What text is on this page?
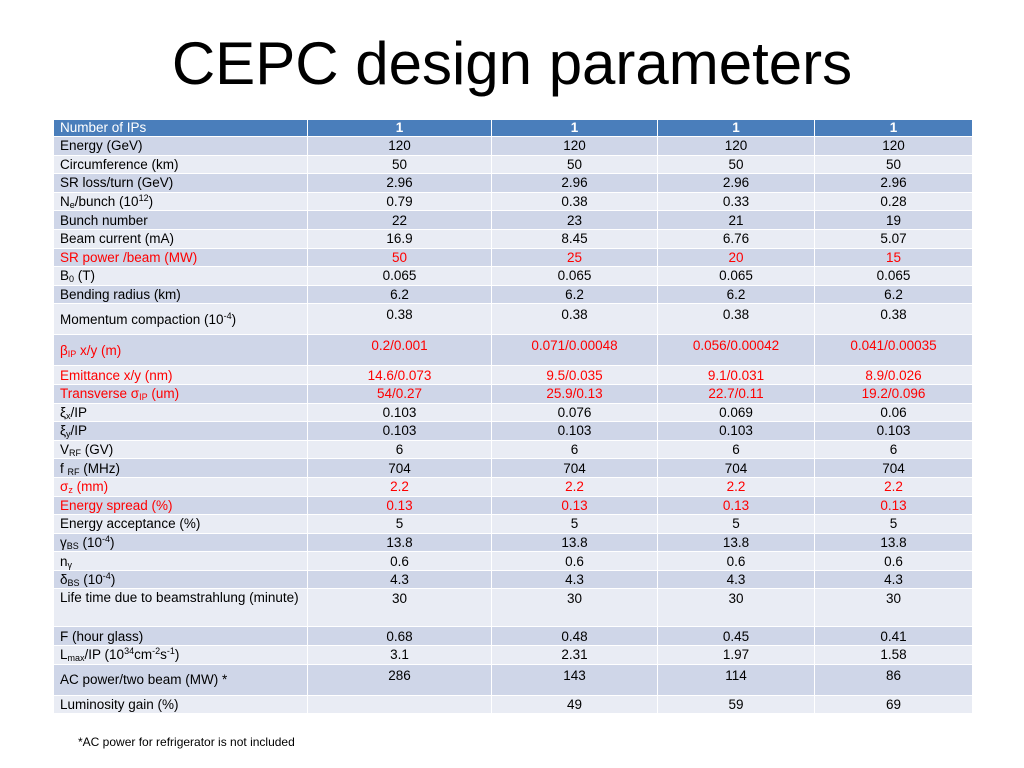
CEPC design parameters
Number of IPs	1	1	1	1
Energy (GeV)	120	120	120	120
Circumference (km)	50	50	50	50
SR loss/turn (GeV)	2.96	2.96	2.96	2.96
$N_e$/bunch $(10^{12})$	0.79	0.38	0.33	0.28
Bunch number	22	23	21	19
Beam current (mA)	16.9	8.45	6.76	5.07
SR power /beam (MW)	50	25	20	15
$B_0$ (T)	0.065	0.065	0.065	0.065
Bending radius (km)	6.2	6.2	6.2	6.2
Momentum compaction $(10^{-4})$	0.38	0.38	0.38	0.38
$\beta_{IP}$ x/y (m)	0.2/0.001	0.071/0.00048	0.056/0.00042	0.041/0.00035
Emittance x/y (nm)	14.6/0.073	9.5/0.035	9.1/0.031	8.9/0.026
Transverse $\sigma_{IP}$ (um)	54/0.27	25.9/0.13	22.7/0.11	19.2/0.096
$\xi_x/IP$	0.103	0.076	0.069	0.06
$\xi_y/IP$	0.103	0.103	0.103	0.103
$V_{RF}$ (GV)	6	6	6	6
f $_{RF}$ (MHz)	704	704	704	704
$\sigma_z$ (mm)	2.2	2.2	2.2	2.2
Energy spread (%)	0.13	0.13	0.13	0.13
Energy acceptance (%)	5	5	5	5
$\gamma_{BS}$ $(10^{-4})$	13.8	13.8	13.8	13.8
$n_\gamma$	0.6	0.6	0.6	0.6
$\delta_{BS}$ $(10^{-4})$	4.3	4.3	4.3	4.3
Life time due to beamstrahlung (minute)	30	30	30	30
F (hour glass)	0.68	0.48	0.45	0.41
$L_{max}/IP$ $(10^{34}cm^{-2}s^{-1})$	3.1	2.31	1.97	1.58
AC power/two beam (MW) *	286	143	114	86
Luminosity gain (%)		49	59	69
*AC power for refrigerator is not included
